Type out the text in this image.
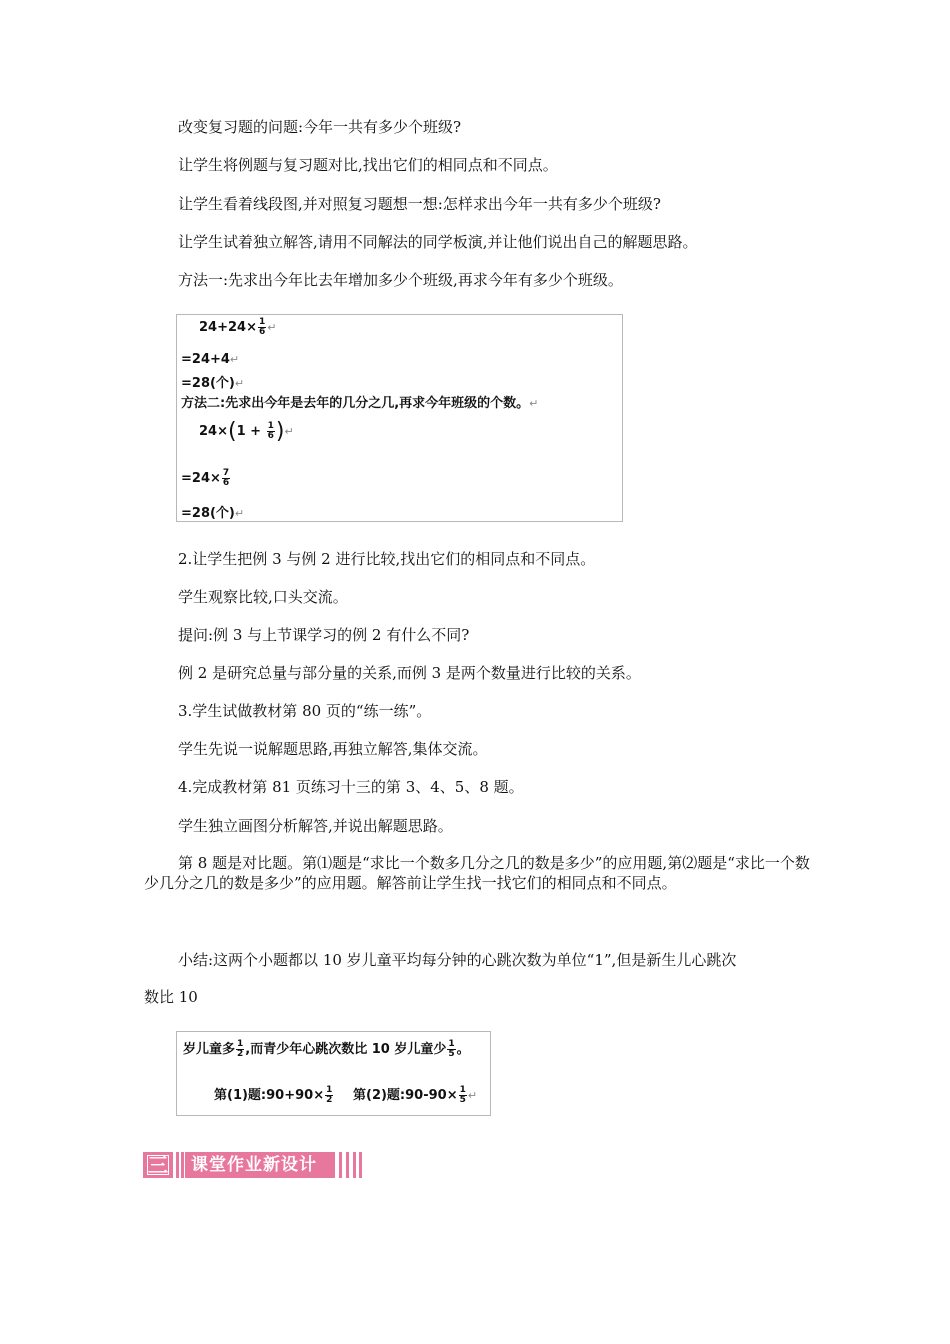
改变复习题的问题:今年一共有多少个班级?
让学生将例题与复习题对比,找出它们的相同点和不同点。
让学生看着线段图,并对照复习题想一想:怎样求出今年一共有多少个班级?
让学生试着独立解答,请用不同解法的同学板演,并让他们说出自己的解题思路。
方法一:先求出今年比去年增加多少个班级,再求今年有多少个班级。
$24+24\times \frac{1}{6}$ ↵
=24+4↵
=28(个)↵
方法二:先求出今年是去年的几分之几,再求今年班级的个数。↵
$24\times(1 + \frac{1}{6}$ )↵
$=24\times \frac{7}{6}$
=28(个)↵
2.让学生把例 3 与例 2 进行比较,找出它们的相同点和不同点。
学生观察比较,口头交流。
提问:例 3 与上节课学习的例 2 有什么不同?
例 2 是研究总量与部分量的关系,而例 3 是两个数量进行比较的关系。
3.学生试做教材第 80 页的“练一练”。
学生先说一说解题思路,再独立解答,集体交流。
4.完成教材第 81 页练习十三的第 3、4、5、8 题。
学生独立画图分析解答,并说出解题思路。
第 8 题是对比题。第⑴题是“求比一个数多几分之几的数是多少”的应用题,第⑵题是“求比一个数少几分之几的数是多少”的应用题。解答前让学生找一找它们的相同点和不同点。
小结:这两个小题都以 10 岁儿童平均每分钟的心跳次数为单位“1”,但是新生儿心跳次
数比 10
岁儿童多 $\frac{1}{2}$ ,而青少年心跳次数比 10 岁儿童少 $\frac{1}{5}$ 。
第(1)题:90+90× $\frac{1}{2}$ 第(2)题:90-90× $\frac{1}{5}$ ↵
三 课堂作业新设计
